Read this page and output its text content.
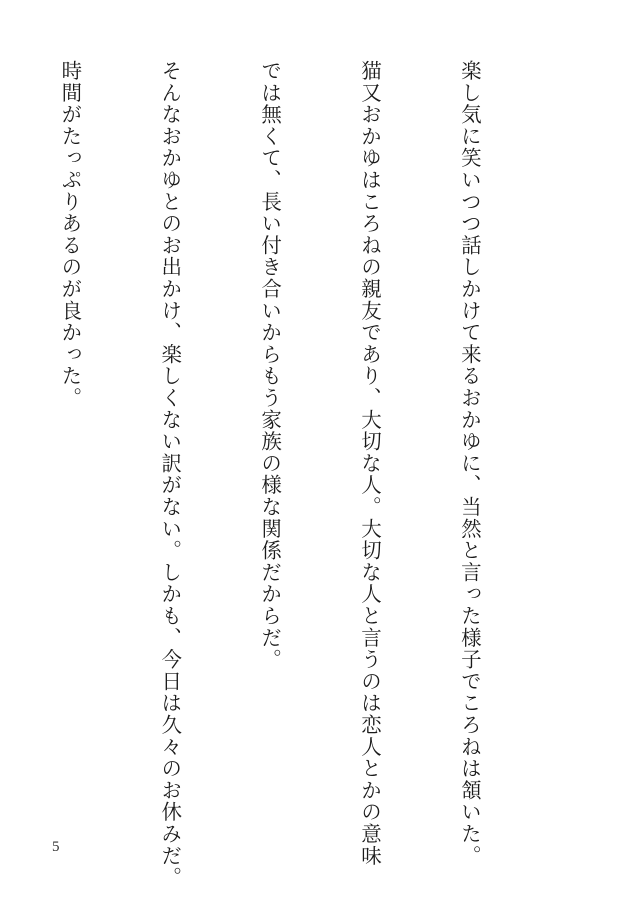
楽し気に笑いつつ話しかけて来るおかゆに、当然と言った様子でころねは頷いた。

猫又おかゆはころねの親友であり、大切な人。大切な人と言うのは恋人とかの意味

では無くて、長い付き合いからもう家族の様な関係だからだ。

そんなおかゆとのお出かけ、楽しくない訳がない。しかも、今日は久々のお休みだ。

時間がたっぷりあるのが良かった。

5
